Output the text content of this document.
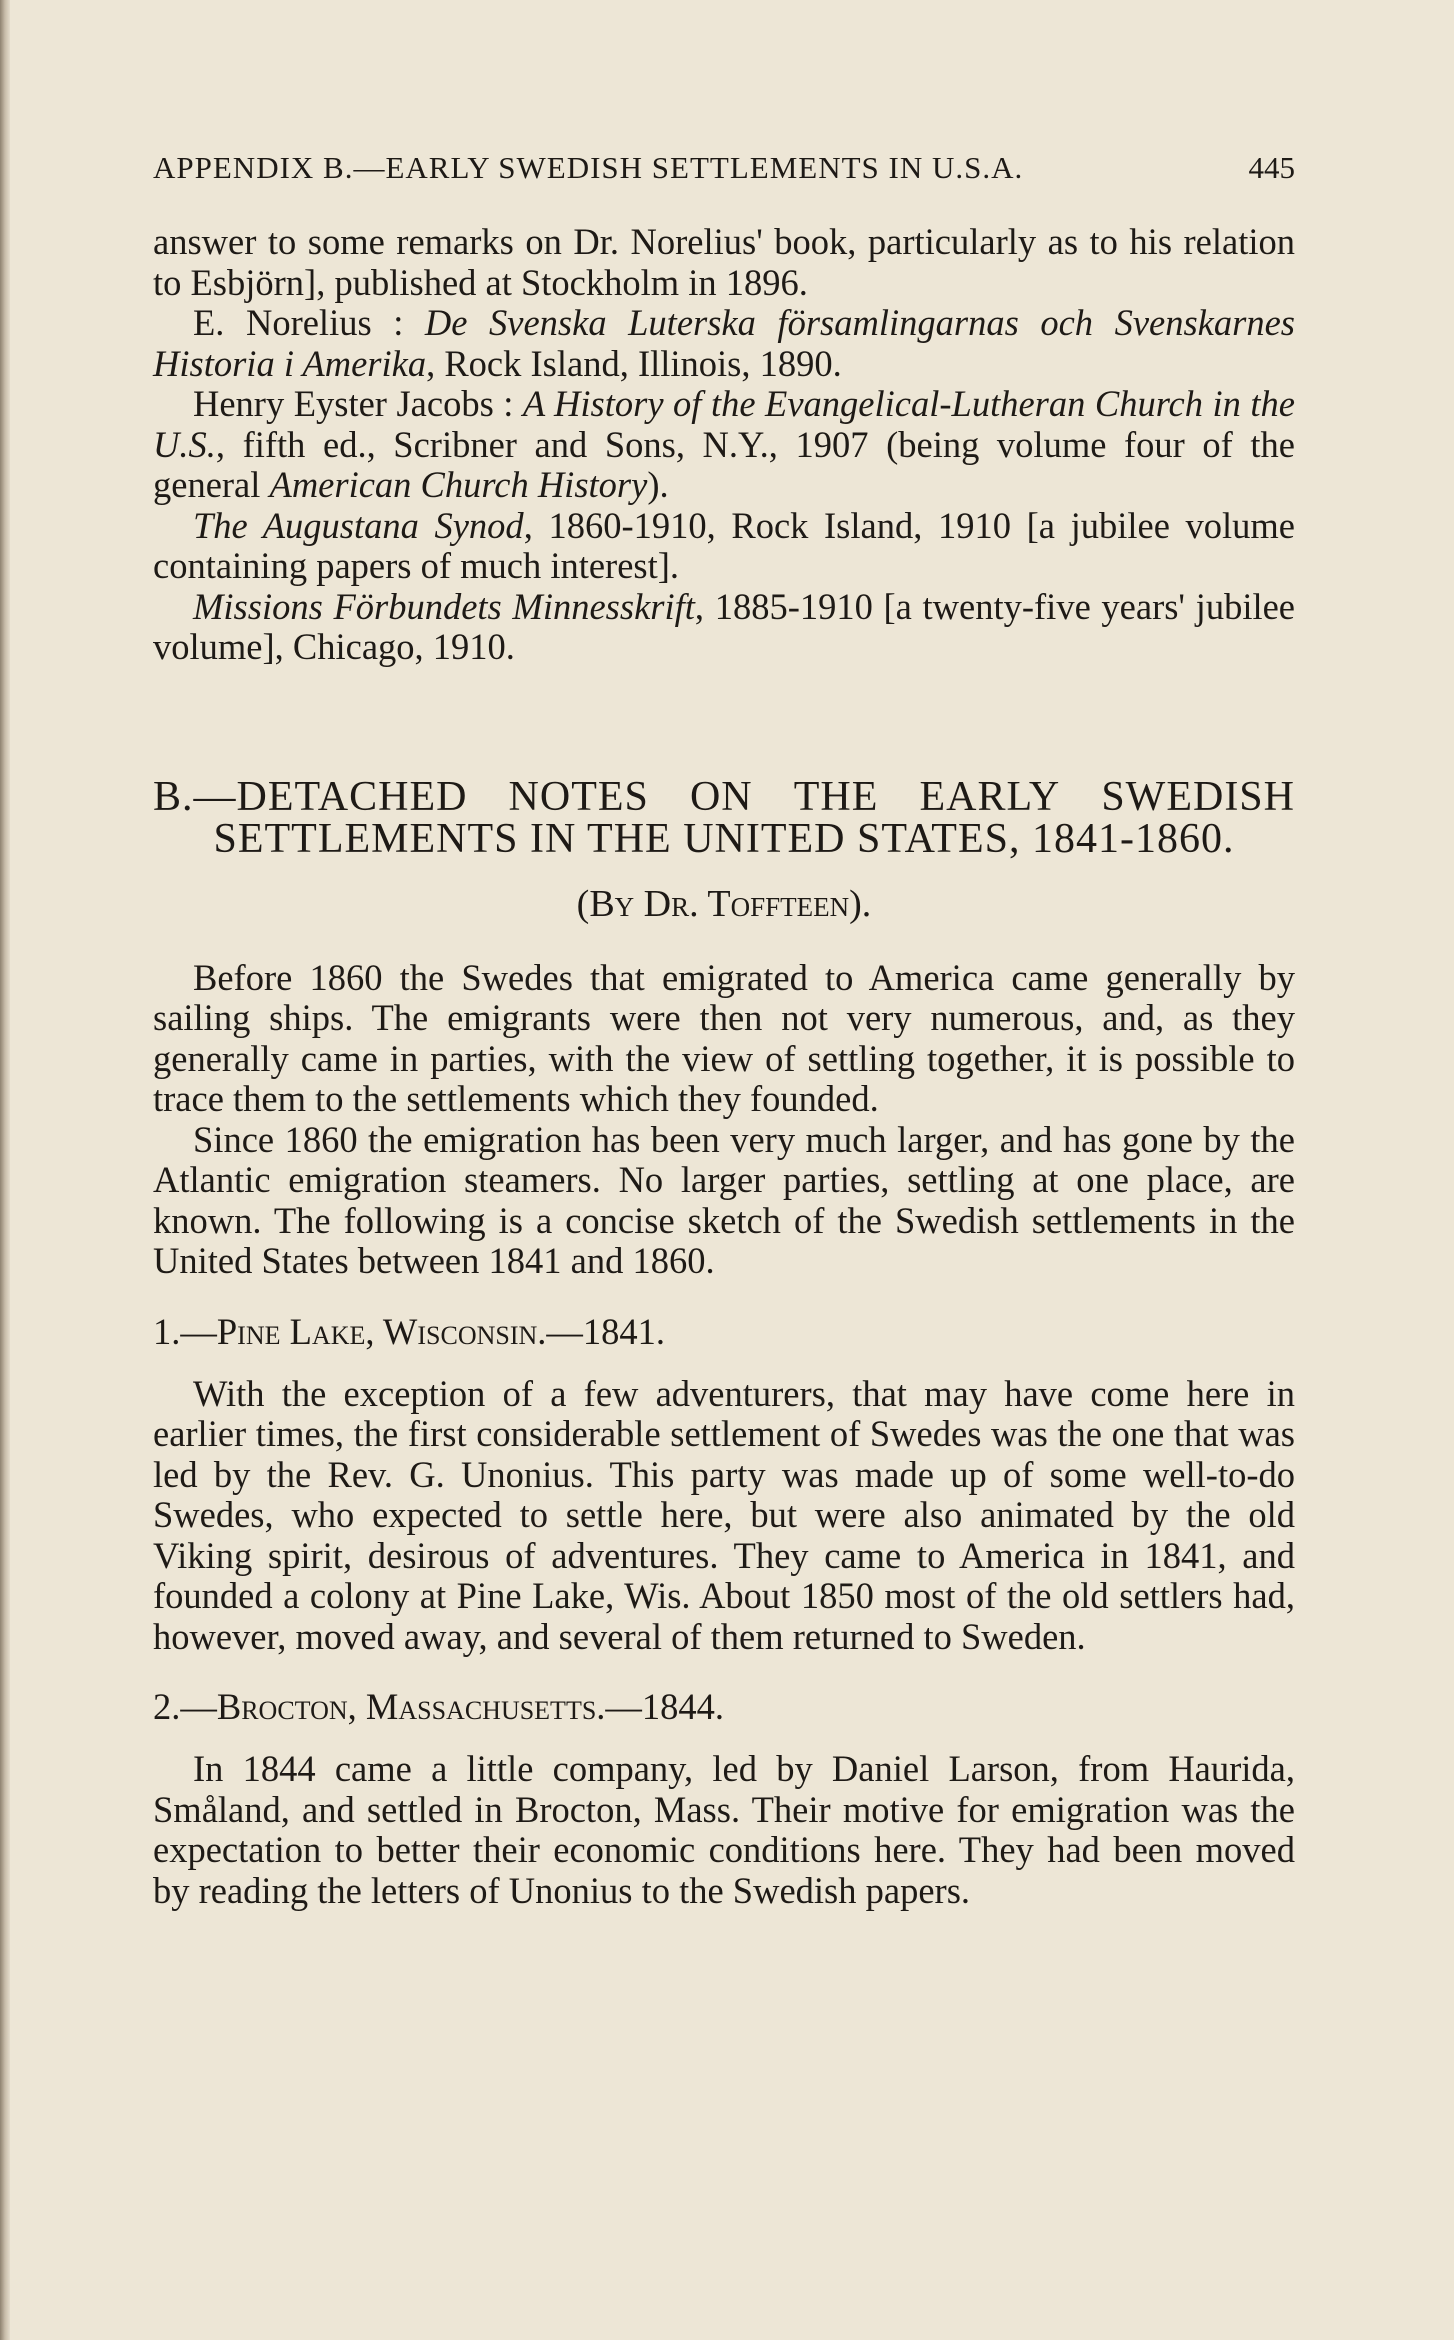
APPENDIX B.—EARLY SWEDISH SETTLEMENTS IN U.S.A.	445

answer to some remarks on Dr. Norelius' book, particularly as to his relation to Esbjörn], published at Stockholm in 1896.

E. Norelius : De Svenska Luterska församlingarnas och Svenskarnes Historia i Amerika, Rock Island, Illinois, 1890.

Henry Eyster Jacobs : A History of the Evangelical-Lutheran Church in the U.S., fifth ed., Scribner and Sons, N.Y., 1907 (being volume four of the general American Church History).

The Augustana Synod, 1860-1910, Rock Island, 1910 [a jubilee volume containing papers of much interest].

Missions Förbundets Minnesskrift, 1885-1910 [a twenty-five years' jubilee volume], Chicago, 1910.

B.—DETACHED NOTES ON THE EARLY SWEDISH
SETTLEMENTS IN THE UNITED STATES, 1841-1860.
(By Dr. Toffteen).

Before 1860 the Swedes that emigrated to America came generally by sailing ships. The emigrants were then not very numerous, and, as they generally came in parties, with the view of settling together, it is possible to trace them to the settlements which they founded.

Since 1860 the emigration has been very much larger, and has gone by the Atlantic emigration steamers. No larger parties, settling at one place, are known. The following is a concise sketch of the Swedish settlements in the United States between 1841 and 1860.

1.—Pine Lake, Wisconsin.—1841.

With the exception of a few adventurers, that may have come here in earlier times, the first considerable settlement of Swedes was the one that was led by the Rev. G. Unonius. This party was made up of some well-to-do Swedes, who expected to settle here, but were also animated by the old Viking spirit, desirous of adventures. They came to America in 1841, and founded a colony at Pine Lake, Wis. About 1850 most of the old settlers had, however, moved away, and several of them returned to Sweden.

2.—Brocton, Massachusetts.—1844.

In 1844 came a little company, led by Daniel Larson, from Haurida, Småland, and settled in Brocton, Mass. Their motive for emigration was the expectation to better their economic conditions here. They had been moved by reading the letters of Unonius to the Swedish papers.
